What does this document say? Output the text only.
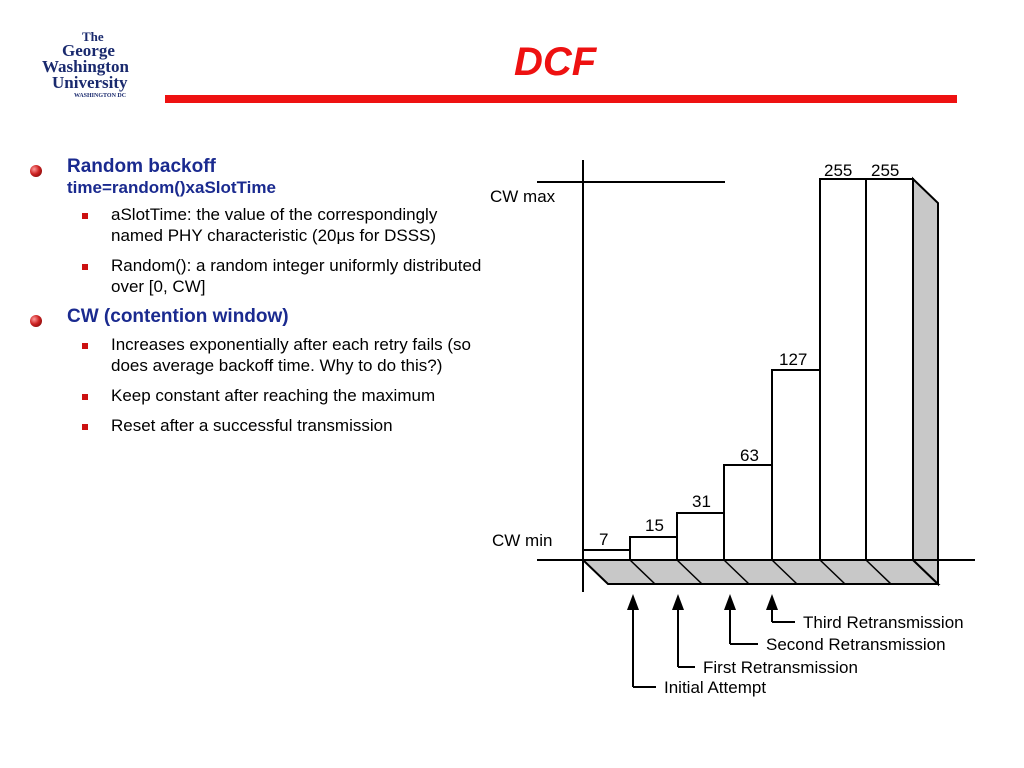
The
George
Washington
University
WASHINGTON DC
DCF
Random backoff
time=random()xaSlotTime
aSlotTime: the value of the correspondingly named PHY characteristic (20μs for DSSS)
Random(): a random integer uniformly distributed over [0, CW]
CW (contention window)
Increases exponentially after each retry fails (so does average backoff time. Why to do this?)
Keep constant after reaching the maximum
Reset after a successful transmission
CW max
CW min	7
15
31
63
127
255 255
Third Retransmission
Second Retransmission
First Retransmission
Initial Attempt
